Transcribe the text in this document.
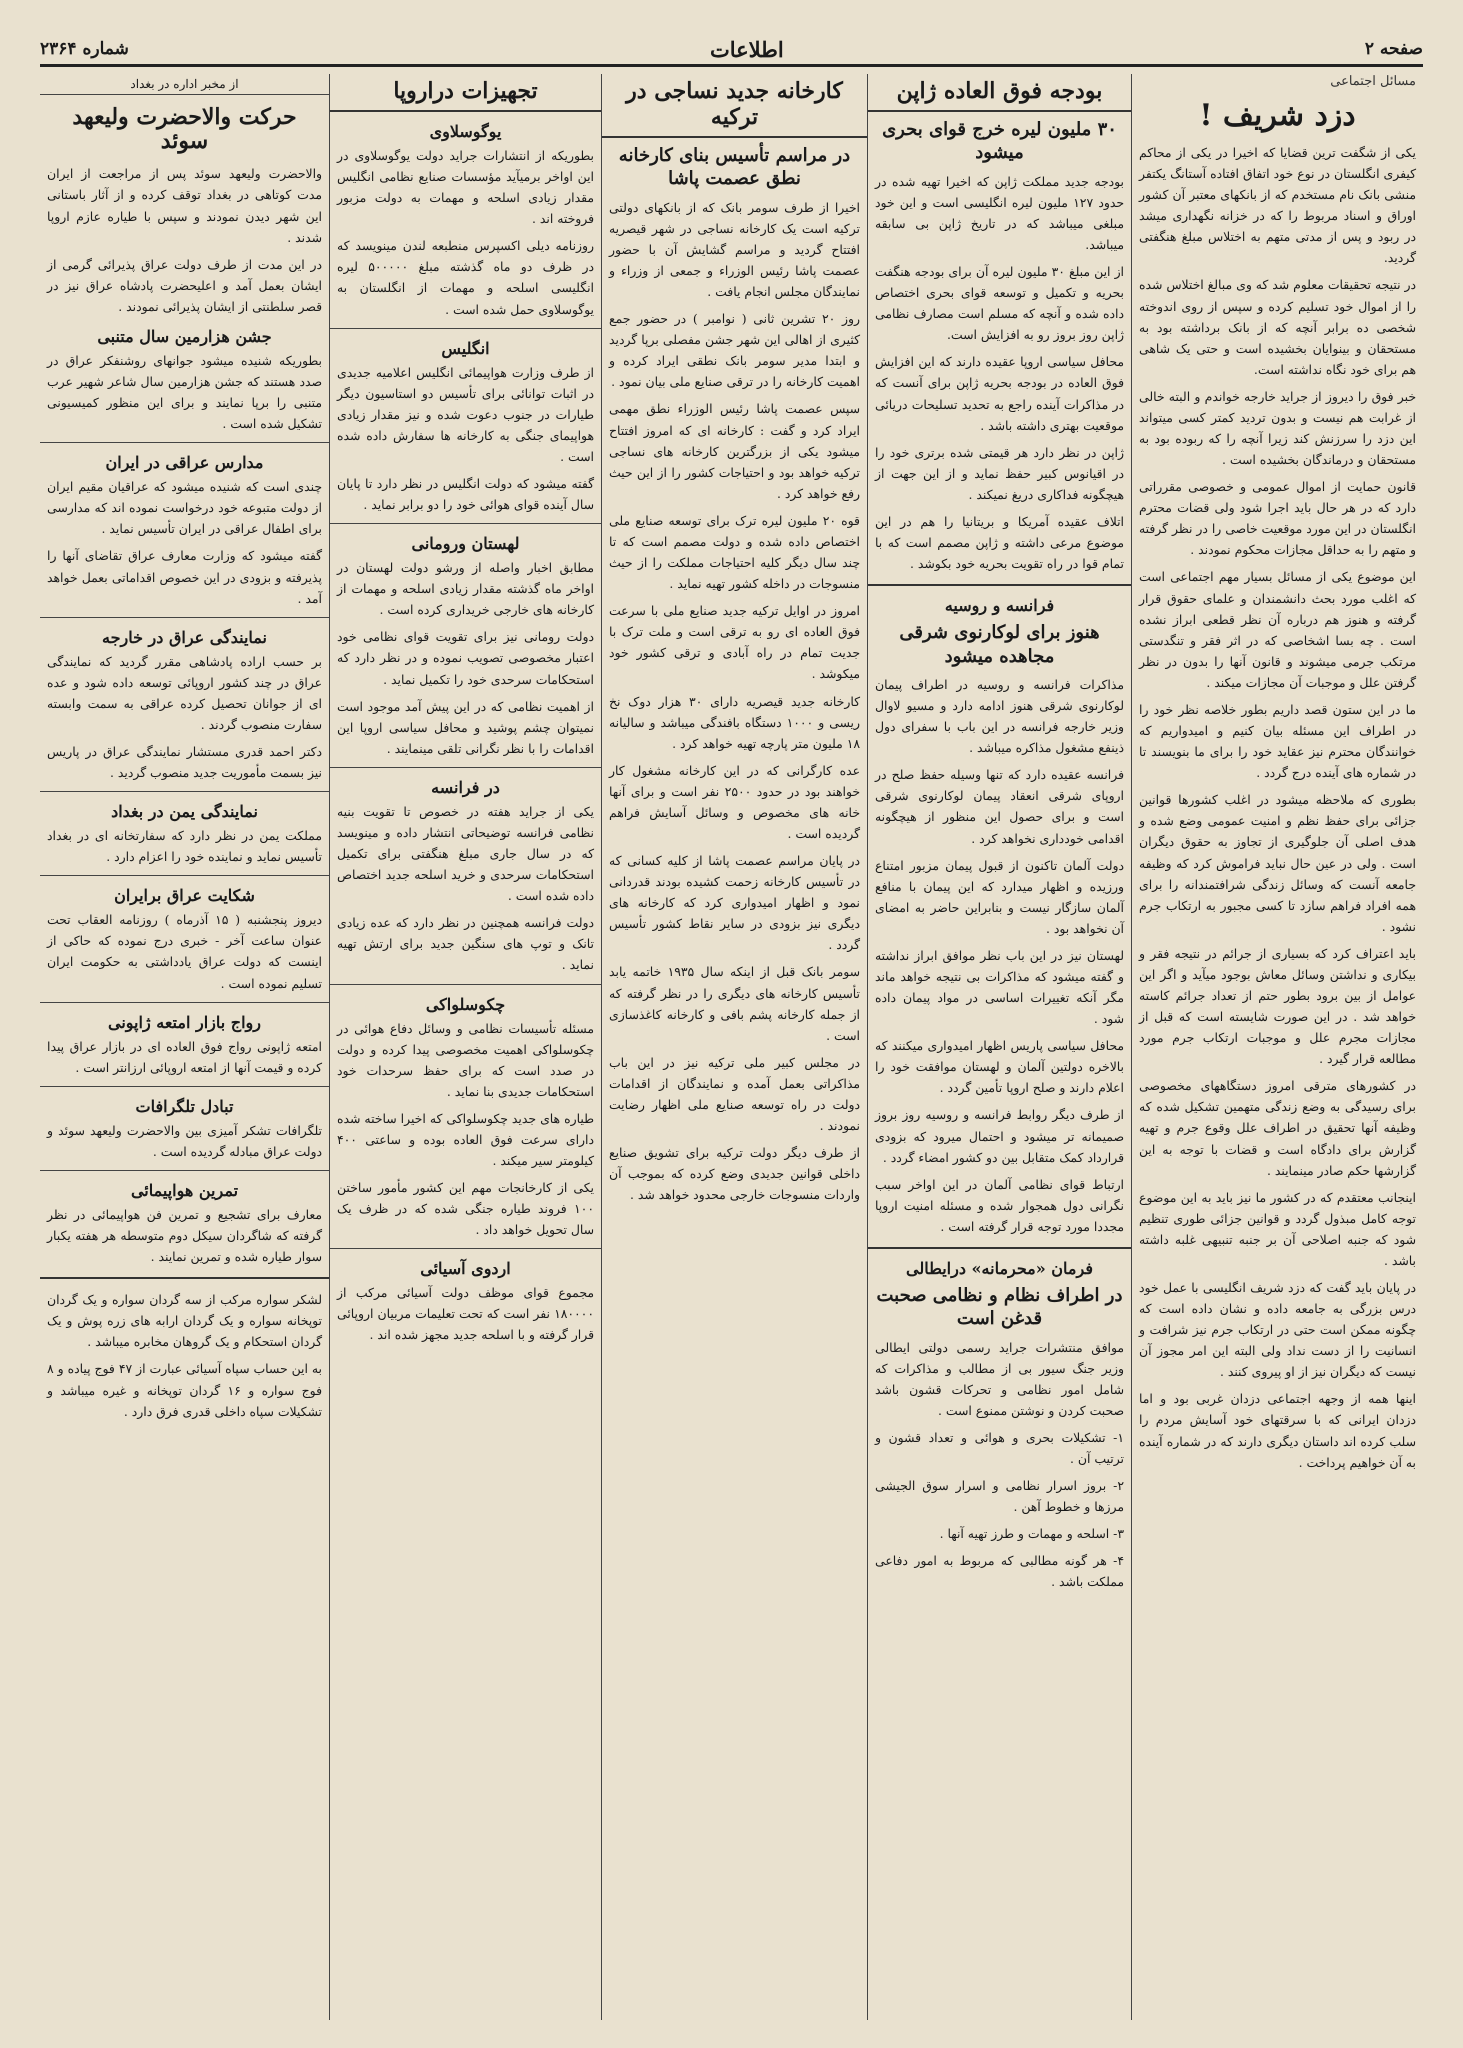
صفحه ۲
اطلاعات
شماره ۲۳۶۴
مسائل اجتماعی
دزد شریف !

یکی از شگفت ترین قضایا که اخیرا در یکی از محاکم کیفری انگلستان در نوع خود اتفاق افتاده آستانگ یکتفر منشی بانک نام مستخدم که از بانکهای معتبر آن کشور اوراق و اسناد مربوط را که در خزانه نگهداری میشد در ربود و پس از مدتی متهم به اختلاس مبلغ هنگفتی گردید.

در نتیجه تحقیقات معلوم شد که وی مبالغ اختلاس شده را از اموال خود تسلیم کرده و سپس از روی اندوخته شخصی ده برابر آنچه که از بانک برداشته بود به مستحقان و بینوایان بخشیده است و حتی یک شاهی هم برای خود نگاه نداشته است.

خبر فوق را دیروز از جراید خارجه خواندم و البته خالی از غرابت هم نیست و بدون تردید کمتر کسی میتواند این دزد را سرزنش کند زیرا آنچه را که ربوده بود به مستحقان و درماندگان بخشیده است .

قانون حمایت از اموال عمومی و خصوصی مقرراتی دارد که در هر حال باید اجرا شود ولی قضات محترم انگلستان در این مورد موقعیت خاصی را در نظر گرفته و متهم را به حداقل مجازات محکوم نمودند .

این موضوع یکی از مسائل بسیار مهم اجتماعی است که اغلب مورد بحث دانشمندان و علمای حقوق قرار گرفته و هنوز هم درباره آن نظر قطعی ابراز نشده است . چه بسا اشخاصی که در اثر فقر و تنگدستی مرتکب جرمی میشوند و قانون آنها را بدون در نظر گرفتن علل و موجبات آن مجازات میکند .

ما در این ستون قصد داریم بطور خلاصه نظر خود را در اطراف این مسئله بیان کنیم و امیدواریم که خوانندگان محترم نیز عقاید خود را برای ما بنویسند تا در شماره های آینده درج گردد .

بطوری که ملاحظه میشود در اغلب کشورها قوانین جزائی برای حفظ نظم و امنیت عمومی وضع شده و هدف اصلی آن جلوگیری از تجاوز به حقوق دیگران است . ولی در عین حال نباید فراموش کرد که وظیفه جامعه آنست که وسائل زندگی شرافتمندانه را برای همه افراد فراهم سازد تا کسی مجبور به ارتکاب جرم نشود .

باید اعتراف کرد که بسیاری از جرائم در نتیجه فقر و بیکاری و نداشتن وسائل معاش بوجود میآید و اگر این عوامل از بین برود بطور حتم از تعداد جرائم کاسته خواهد شد . در این صورت شایسته است که قبل از مجازات مجرم علل و موجبات ارتکاب جرم مورد مطالعه قرار گیرد .

در کشورهای مترقی امروز دستگاههای مخصوصی برای رسیدگی به وضع زندگی متهمین تشکیل شده که وظیفه آنها تحقیق در اطراف علل وقوع جرم و تهیه گزارش برای دادگاه است و قضات با توجه به این گزارشها حکم صادر مینمایند .

اینجانب معتقدم که در کشور ما نیز باید به این موضوع توجه کامل مبذول گردد و قوانین جزائی طوری تنظیم شود که جنبه اصلاحی آن بر جنبه تنبیهی غلبه داشته باشد .

در پایان باید گفت که دزد شریف انگلیسی با عمل خود درس بزرگی به جامعه داده و نشان داده است که چگونه ممکن است حتی در ارتکاب جرم نیز شرافت و انسانیت را از دست نداد ولی البته این امر مجوز آن نیست که دیگران نیز از او پیروی کنند .

اینها همه از وجهه اجتماعی دزدان غربی بود و اما دزدان ایرانی که با سرقتهای خود آسایش مردم را سلب کرده اند داستان دیگری دارند که در شماره آینده به آن خواهیم پرداخت .

بودجه فوق العاده ژاپن
۳۰ ملیون لیره خرج قوای بحری میشود

بودجه جدید مملکت ژاپن که اخیرا تهیه شده در حدود ۱۲۷ ملیون لیره انگلیسی است و این خود مبلغی میباشد که در تاریخ ژاپن بی سابقه میباشد.

از این مبلغ ۳۰ ملیون لیره آن برای بودجه هنگفت بحریه و تکمیل و توسعه قوای بحری اختصاص داده شده و آنچه که مسلم است مصارف نظامی ژاپن روز بروز رو به افزایش است.

محافل سیاسی اروپا عقیده دارند که این افزایش فوق العاده در بودجه بحریه ژاپن برای آنست که در مذاکرات آینده راجع به تحدید تسلیحات دریائی موقعیت بهتری داشته باشد .

ژاپن در نظر دارد هر قیمتی شده برتری خود را در اقیانوس کبیر حفظ نماید و از این جهت از هیچگونه فداکاری دریغ نمیکند .

اتلاف عقیده آمریکا و بریتانیا را هم در این موضوع مرعی داشته و ژاپن مصمم است که با تمام قوا در راه تقویت بحریه خود بکوشد .

فرانسه و روسیه
هنوز برای لوکارنوی شرقی مجاهده میشود

مذاکرات فرانسه و روسیه در اطراف پیمان لوکارنوی شرقی هنوز ادامه دارد و مسیو لاوال وزیر خارجه فرانسه در این باب با سفرای دول ذینفع مشغول مذاکره میباشد .

فرانسه عقیده دارد که تنها وسیله حفظ صلح در اروپای شرقی انعقاد پیمان لوکارنوی شرقی است و برای حصول این منظور از هیچگونه اقدامی خودداری نخواهد کرد .

دولت آلمان تاکنون از قبول پیمان مزبور امتناع ورزیده و اظهار میدارد که این پیمان با منافع آلمان سازگار نیست و بنابراین حاضر به امضای آن نخواهد بود .

لهستان نیز در این باب نظر موافق ابراز نداشته و گفته میشود که مذاکرات بی نتیجه خواهد ماند مگر آنکه تغییرات اساسی در مواد پیمان داده شود .

محافل سیاسی پاریس اظهار امیدواری میکنند که بالاخره دولتین آلمان و لهستان موافقت خود را اعلام دارند و صلح اروپا تأمین گردد .

از طرف دیگر روابط فرانسه و روسیه روز بروز صمیمانه تر میشود و احتمال میرود که بزودی قرارداد کمک متقابل بین دو کشور امضاء گردد .

ارتباط قوای نظامی آلمان در این اواخر سبب نگرانی دول همجوار شده و مسئله امنیت اروپا مجددا مورد توجه قرار گرفته است .

فرمان «محرمانه» درایطالی
در اطراف نظام و نظامی صحبت قدغن است

موافق منتشرات جراید رسمی دولتی ایطالی وزیر جنگ سیور بی از مطالب و مذاکرات که شامل امور نظامی و تحرکات قشون باشد صحبت کردن و نوشتن ممنوع است .

۱- تشکیلات بحری و هوائی و تعداد قشون و ترتیب آن .

۲- بروز اسرار نظامی و اسرار سوق الجیشی مرزها و خطوط آهن .

۳- اسلحه و مهمات و طرز تهیه آنها .

۴- هر گونه مطالبی که مربوط به امور دفاعی مملکت باشد .

کارخانه جدید نساجی در ترکیه
در مراسم تأسیس بنای کارخانه نطق عصمت پاشا

اخیرا از طرف سومر بانک که از بانکهای دولتی ترکیه است یک کارخانه نساجی در شهر قیصریه افتتاح گردید و مراسم گشایش آن با حضور عصمت پاشا رئیس الوزراء و جمعی از وزراء و نمایندگان مجلس انجام یافت .

روز ۲۰ تشرین ثانی ( نوامبر ) در حضور جمع کثیری از اهالی این شهر جشن مفصلی برپا گردید و ابتدا مدیر سومر بانک نطقی ایراد کرده و اهمیت کارخانه را در ترقی صنایع ملی بیان نمود .

سپس عصمت پاشا رئیس الوزراء نطق مهمی ایراد کرد و گفت : کارخانه ای که امروز افتتاح میشود یکی از بزرگترین کارخانه های نساجی ترکیه خواهد بود و احتیاجات کشور را از این حیث رفع خواهد کرد .

قوه ۲۰ ملیون لیره ترک برای توسعه صنایع ملی اختصاص داده شده و دولت مصمم است که تا چند سال دیگر کلیه احتیاجات مملکت را از حیث منسوجات در داخله کشور تهیه نماید .

امروز در اوایل ترکیه جدید صنایع ملی با سرعت فوق العاده ای رو به ترقی است و ملت ترک با جدیت تمام در راه آبادی و ترقی کشور خود میکوشد .

کارخانه جدید قیصریه دارای ۳۰ هزار دوک نخ ریسی و ۱۰۰۰ دستگاه بافندگی میباشد و سالیانه ۱۸ ملیون متر پارچه تهیه خواهد کرد .

عده کارگرانی که در این کارخانه مشغول کار خواهند بود در حدود ۲۵۰۰ نفر است و برای آنها خانه های مخصوص و وسائل آسایش فراهم گردیده است .

در پایان مراسم عصمت پاشا از کلیه کسانی که در تأسیس کارخانه زحمت کشیده بودند قدردانی نمود و اظهار امیدواری کرد که کارخانه های دیگری نیز بزودی در سایر نقاط کشور تأسیس گردد .

سومر بانک قبل از اینکه سال ۱۹۳۵ خاتمه یابد تأسیس کارخانه های دیگری را در نظر گرفته که از جمله کارخانه پشم بافی و کارخانه کاغذسازی است .

در مجلس کبیر ملی ترکیه نیز در این باب مذاکراتی بعمل آمده و نمایندگان از اقدامات دولت در راه توسعه صنایع ملی اظهار رضایت نمودند .

از طرف دیگر دولت ترکیه برای تشویق صنایع داخلی قوانین جدیدی وضع کرده که بموجب آن واردات منسوجات خارجی محدود خواهد شد .

تجهیزات دراروپا
یوگوسلاوی

بطوریکه از انتشارات جراید دولت یوگوسلاوی در این اواخر برمیآید مؤسسات صنایع نظامی انگلیس مقدار زیادی اسلحه و مهمات به دولت مزبور فروخته اند .

روزنامه دیلی اکسپرس منطبعه لندن مینویسد که در ظرف دو ماه گذشته مبلغ ۵۰۰۰۰۰ لیره انگلیسی اسلحه و مهمات از انگلستان به یوگوسلاوی حمل شده است .

انگلیس

از طرف وزارت هواپیمائی انگلیس اعلامیه جدیدی در اثبات توانائی برای تأسیس دو استاسیون دیگر طیارات در جنوب دعوت شده و نیز مقدار زیادی هواپیمای جنگی به کارخانه ها سفارش داده شده است .

گفته میشود که دولت انگلیس در نظر دارد تا پایان سال آینده قوای هوائی خود را دو برابر نماید .

لهستان ورومانی

مطابق اخبار واصله از ورشو دولت لهستان در اواخر ماه گذشته مقدار زیادی اسلحه و مهمات از کارخانه های خارجی خریداری کرده است .

دولت رومانی نیز برای تقویت قوای نظامی خود اعتبار مخصوصی تصویب نموده و در نظر دارد که استحکامات سرحدی خود را تکمیل نماید .

از اهمیت نظامی که در این پیش آمد موجود است نمیتوان چشم پوشید و محافل سیاسی اروپا این اقدامات را با نظر نگرانی تلقی مینمایند .

در فرانسه

یکی از جراید هفته در خصوص تا تقویت بنیه نظامی فرانسه توضیحاتی انتشار داده و مینویسد که در سال جاری مبلغ هنگفتی برای تکمیل استحکامات سرحدی و خرید اسلحه جدید اختصاص داده شده است .

دولت فرانسه همچنین در نظر دارد که عده زیادی تانک و توپ های سنگین جدید برای ارتش تهیه نماید .

چکوسلواکی

مسئله تأسیسات نظامی و وسائل دفاع هوائی در چکوسلواکی اهمیت مخصوصی پیدا کرده و دولت در صدد است که برای حفظ سرحدات خود استحکامات جدیدی بنا نماید .

طیاره های جدید چکوسلواکی که اخیرا ساخته شده دارای سرعت فوق العاده بوده و ساعتی ۴۰۰ کیلومتر سیر میکند .

یکی از کارخانجات مهم این کشور مأمور ساختن ۱۰۰ فروند طیاره جنگی شده که در ظرف یک سال تحویل خواهد داد .

اردوی آسیائی

مجموع قوای موظف دولت آسیائی مرکب از ۱۸۰۰۰۰ نفر است که تحت تعلیمات مربیان اروپائی قرار گرفته و با اسلحه جدید مجهز شده اند .

از مخبر اداره در بغداد
حرکت والاحضرت ولیعهد سوئد

والاحضرت ولیعهد سوئد پس از مراجعت از ایران مدت کوتاهی در بغداد توقف کرده و از آثار باستانی این شهر دیدن نمودند و سپس با طیاره عازم اروپا شدند .

در این مدت از طرف دولت عراق پذیرائی گرمی از ایشان بعمل آمد و اعلیحضرت پادشاه عراق نیز در قصر سلطنتی از ایشان پذیرائی نمودند .

جشن هزارمین سال متنبی

بطوریکه شنیده میشود جوانهای روشنفکر عراق در صدد هستند که جشن هزارمین سال شاعر شهیر عرب متنبی را برپا نمایند و برای این منظور کمیسیونی تشکیل شده است .

مدارس عراقی در ایران

چندی است که شنیده میشود که عراقیان مقیم ایران از دولت متبوعه خود درخواست نموده اند که مدارسی برای اطفال عراقی در ایران تأسیس نماید .

گفته میشود که وزارت معارف عراق تقاضای آنها را پذیرفته و بزودی در این خصوص اقداماتی بعمل خواهد آمد .

نمایندگی عراق در خارجه

بر حسب اراده پادشاهی مقرر گردید که نمایندگی عراق در چند کشور اروپائی توسعه داده شود و عده ای از جوانان تحصیل کرده عراقی به سمت وابسته سفارت منصوب گردند .

دکتر احمد قدری مستشار نمایندگی عراق در پاریس نیز بسمت مأموریت جدید منصوب گردید .

نمایندگی یمن در بغداد

مملکت یمن در نظر دارد که سفارتخانه ای در بغداد تأسیس نماید و نماینده خود را اعزام دارد .

شکایت عراق برایران

دیروز پنجشنبه ( ۱۵ آذرماه ) روزنامه العقاب تحت عنوان ساعت آخر - خبری درج نموده که حاکی از اینست که دولت عراق یادداشتی به حکومت ایران تسلیم نموده است .

رواج بازار امتعه ژاپونی

امتعه ژاپونی رواج فوق العاده ای در بازار عراق پیدا کرده و قیمت آنها از امتعه اروپائی ارزانتر است .

تبادل تلگرافات

تلگرافات تشکر آمیزی بین والاحضرت ولیعهد سوئد و دولت عراق مبادله گردیده است .

تمرین هواپیمائی

معارف برای تشجیع و تمرین فن هواپیمائی در نظر گرفته که شاگردان سیکل دوم متوسطه هر هفته یکبار سوار طیاره شده و تمرین نمایند .

لشکر سواره مرکب از سه گردان سواره و یک گردان توپخانه سواره و یک گردان ارابه های زره پوش و یک گردان استحکام و یک گروهان مخابره میباشد .

به این حساب سپاه آسیائی عبارت از ۴۷ فوج پیاده و ۸ فوج سواره و ۱۶ گردان توپخانه و غیره میباشد و تشکیلات سپاه داخلی قدری فرق دارد .
